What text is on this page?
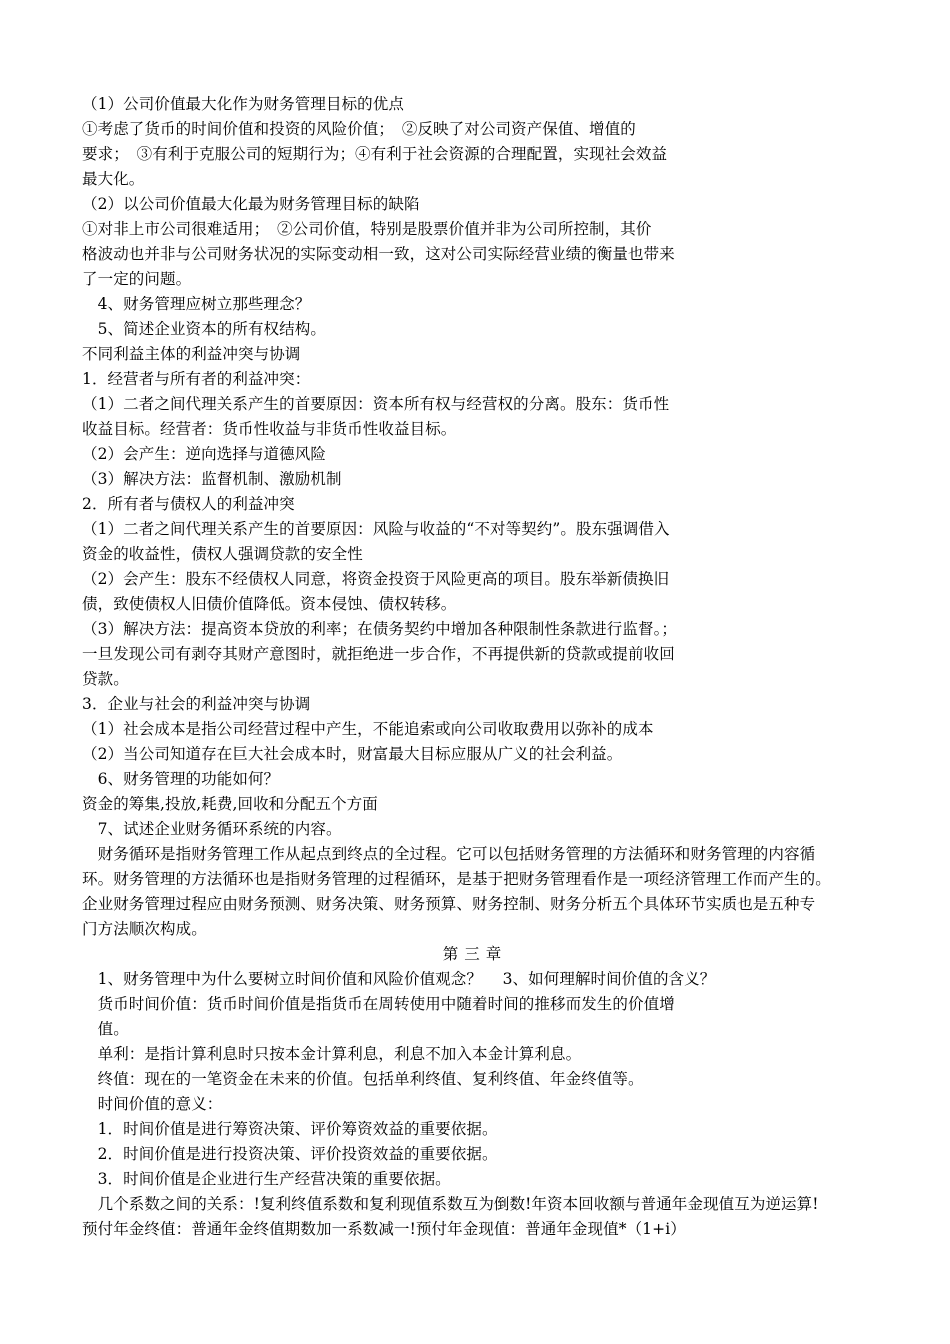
（1）公司价值最大化作为财务管理目标的优点
①考虑了货币的时间价值和投资的风险价值；　②反映了对公司资产保值、增值的
要求；　③有利于克服公司的短期行为；④有利于社会资源的合理配置，实现社会效益
最大化。
（2）以公司价值最大化最为财务管理目标的缺陷
①对非上市公司很难适用；　②公司价值，特别是股票价值并非为公司所控制，其价
格波动也并非与公司财务状况的实际变动相一致，这对公司实际经营业绩的衡量也带来
了一定的问题。
　4、财务管理应树立那些理念？
　5、简述企业资本的所有权结构。
不同利益主体的利益冲突与协调
1．经营者与所有者的利益冲突：
（1）二者之间代理关系产生的首要原因：资本所有权与经营权的分离。股东：货币性
收益目标。经营者：货币性收益与非货币性收益目标。
（2）会产生：逆向选择与道德风险
（3）解决方法：监督机制、激励机制
2．所有者与债权人的利益冲突
（1）二者之间代理关系产生的首要原因：风险与收益的“不对等契约”。股东强调借入
资金的收益性，债权人强调贷款的安全性
（2）会产生：股东不经债权人同意，将资金投资于风险更高的项目。股东举新债换旧
债，致使债权人旧债价值降低。资本侵蚀、债权转移。
（3）解决方法：提高资本贷放的利率；在债务契约中增加各种限制性条款进行监督。；
一旦发现公司有剥夺其财产意图时，就拒绝进一步合作，不再提供新的贷款或提前收回
贷款。
3．企业与社会的利益冲突与协调
（1）社会成本是指公司经营过程中产生，不能追索或向公司收取费用以弥补的成本
（2）当公司知道存在巨大社会成本时，财富最大目标应服从广义的社会利益。
　6、财务管理的功能如何？
资金的筹集,投放,耗费,回收和分配五个方面
　7、试述企业财务循环系统的内容。
　财务循环是指财务管理工作从起点到终点的全过程。它可以包括财务管理的方法循环和财务管理的内容循
环。财务管理的方法循环也是指财务管理的过程循环，是基于把财务管理看作是一项经济管理工作而产生的。
企业财务管理过程应由财务预测、财务决策、财务预算、财务控制、财务分析五个具体环节实质也是五种专
门方法顺次构成。
第三章
　1、财务管理中为什么要树立时间价值和风险价值观念？　 3、如何理解时间价值的含义？
　货币时间价值：货币时间价值是指货币在周转使用中随着时间的推移而发生的价值增
　值。
　单利：是指计算利息时只按本金计算利息，利息不加入本金计算利息。
　终值：现在的一笔资金在未来的价值。包括单利终值、复利终值、年金终值等。
　时间价值的意义：
　1．时间价值是进行筹资决策、评价筹资效益的重要依据。
　2．时间价值是进行投资决策、评价投资效益的重要依据。
　3．时间价值是企业进行生产经营决策的重要依据。
　几个系数之间的关系：!复利终值系数和复利现值系数互为倒数!年资本回收额与普通年金现值互为逆运算!
预付年金终值：普通年金终值期数加一系数减一!预付年金现值：普通年金现值*（1+i）
